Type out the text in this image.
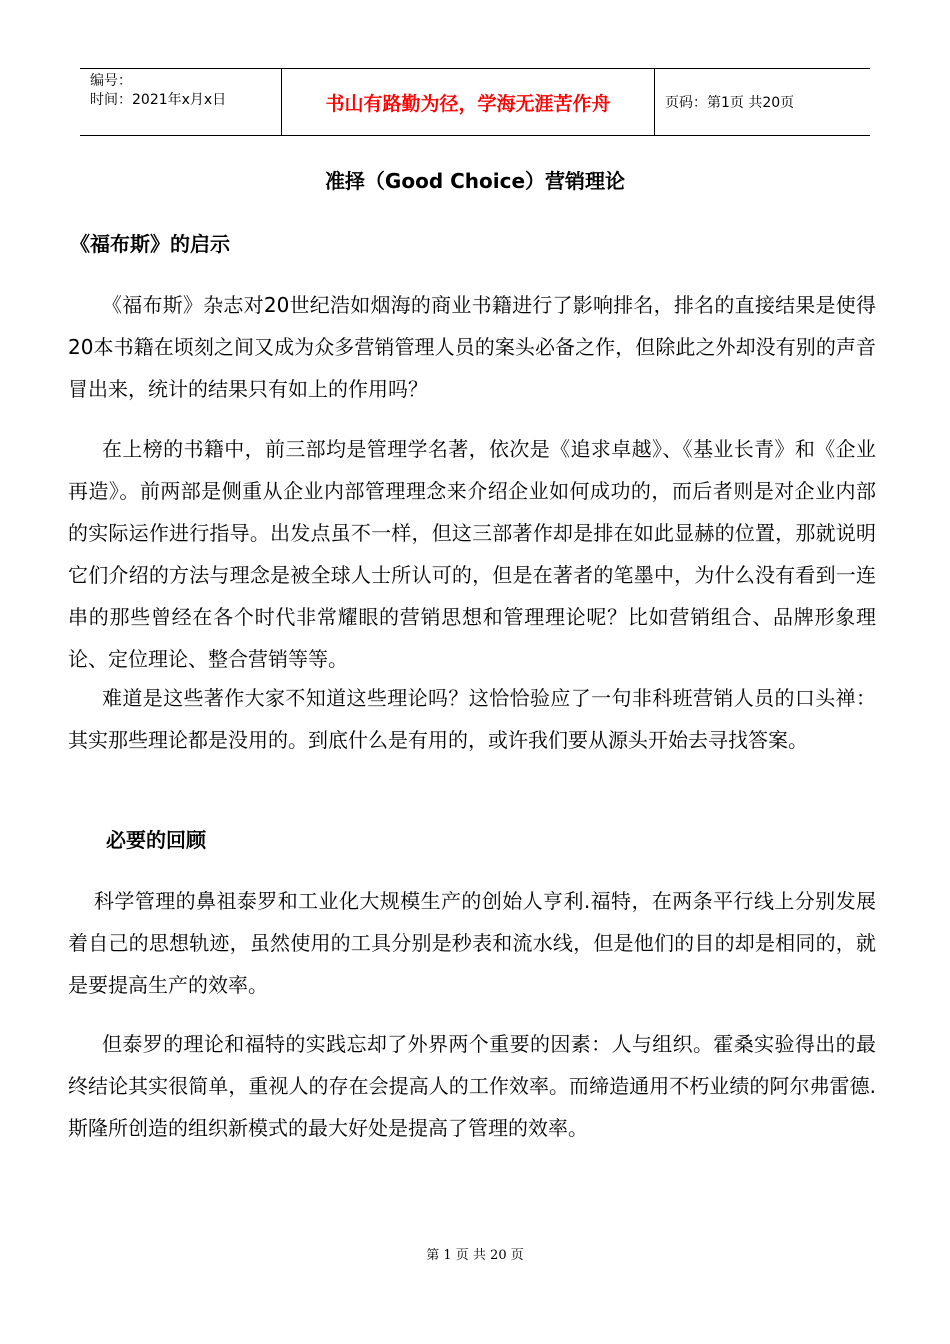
编号：
时间：2021年x月x日	书山有路勤为径，学海无涯苦作舟	页码：第1页 共20页
准择（Good Choice）营销理论
《福布斯》的启示
《福布斯》杂志对20世纪浩如烟海的商业书籍进行了影响排名，排名的直接结果是使得20本书籍在顷刻之间又成为众多营销管理人员的案头必备之作，但除此之外却没有别的声音冒出来，统计的结果只有如上的作用吗？
在上榜的书籍中，前三部均是管理学名著，依次是《追求卓越》、《基业长青》和《企业再造》。前两部是侧重从企业内部管理理念来介绍企业如何成功的，而后者则是对企业内部的实际运作进行指导。出发点虽不一样，但这三部著作却是排在如此显赫的位置，那就说明它们介绍的方法与理念是被全球人士所认可的，但是在著者的笔墨中，为什么没有看到一连串的那些曾经在各个时代非常耀眼的营销思想和管理理论呢？比如营销组合、品牌形象理论、定位理论、整合营销等等。
难道是这些著作大家不知道这些理论吗？这恰恰验应了一句非科班营销人员的口头禅：其实那些理论都是没用的。到底什么是有用的，或许我们要从源头开始去寻找答案。
必要的回顾
科学管理的鼻祖泰罗和工业化大规模生产的创始人亨利.福特，在两条平行线上分别发展着自己的思想轨迹，虽然使用的工具分别是秒表和流水线，但是他们的目的却是相同的，就是要提高生产的效率。
但泰罗的理论和福特的实践忘却了外界两个重要的因素：人与组织。霍桑实验得出的最终结论其实很简单，重视人的存在会提高人的工作效率。而缔造通用不朽业绩的阿尔弗雷德.斯隆所创造的组织新模式的最大好处是提高了管理的效率。
第 1 页 共 20 页
